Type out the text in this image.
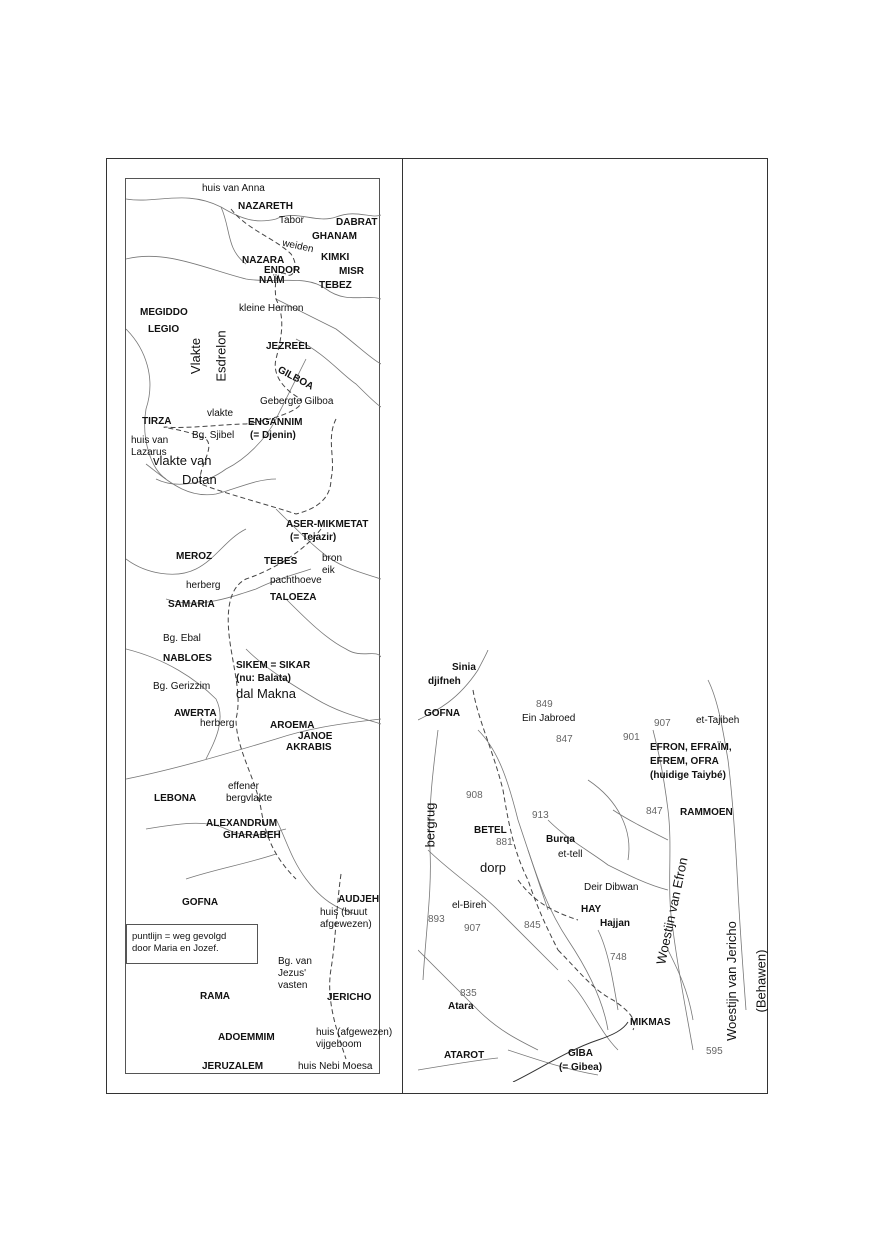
huis van Anna
NAZARETH
Tabor	DABRAT
GHANAM
weiden
NAZARA	KIMKI
ENDOR	MISR
NAÏM	TEBEZ
kleine Hermon
MEGIDDO
LEGIO
Vlakte Esdrelon	JEZREEL
GILBOA
Gebergte Gilboa
vlakte
TIRZA	ENGANNIM
(= Djenin)
Bg. Sjibel
huis van
Lazarus
vlakte van
Dotan
ASER-MIKMETAT
(= Tejazir)
MEROZ	TEBES bron
eik
herberg	pachthoeve
SAMARIA
TALOEZA
Bg. Ebal
NABLOES
SIKEM = SIKAR
(nu: Balata)
Bg. Gerizzim dal Makna
AWERTA
herberg	AROEMA
JANOE
AKRABIS
effener
bergvlakte
LEBONA
ALEXANDRUM
GHARABEH
AUDJEH
huis (bruut
afgewezen)
GOFNA
Bg. van
Jezus'
vasten
RAMA	JERICHO
ADOEMMIM	huis (afgewezen)
vijgeboom
JERUZALEM	huis Nebi Moesa
puntlijn = weg gevolgd
door Maria en Jozef.
Sinia
djifneh
GOFNA
849
Ein Jabroed
847
907	et-Tajibeh
901
EFRON, EFRAÏM,
EFREM, OFRA
(huidige Taiybé)
908
847 RAMMOEN
913
bergrug	BETEL
881	Burqa
et-tell
dorp
Deir Dibwan
el-Bireh	HAY
Hajjan
893
907	845	Woestijn van Efron
748	Woestijn van Jericho (Behawen)
835
Atara
MIKMAS
ATAROT	GIBA
(= Gibea)
595
